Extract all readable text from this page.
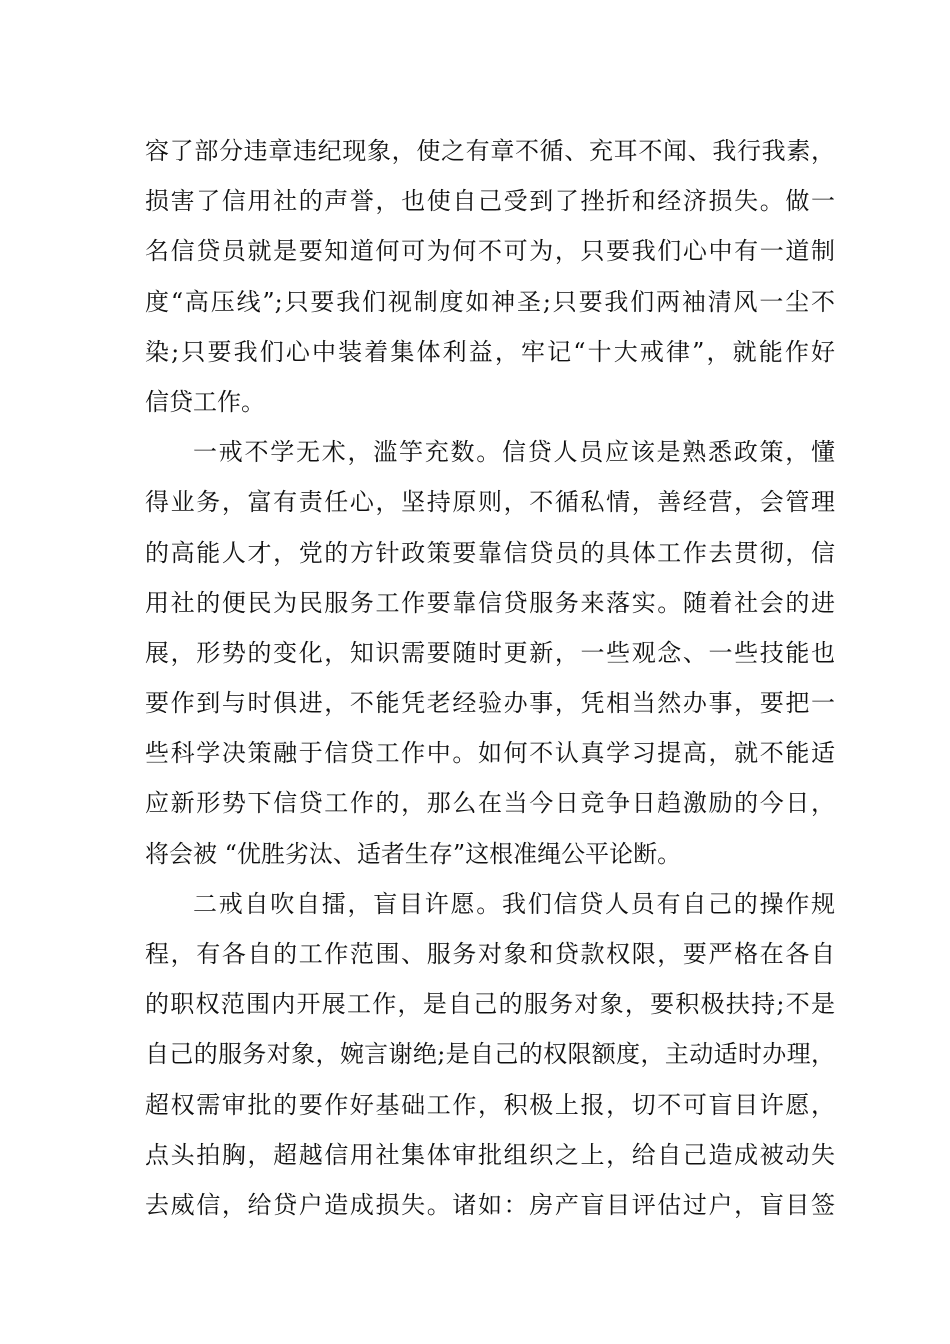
容了部分违章违纪现象，使之有章不循、充耳不闻、我行我素，
损害了信用社的声誉，也使自己受到了挫折和经济损失。做一
名信贷员就是要知道何可为何不可为，只要我们心中有一道制
度“高压线”;只要我们视制度如神圣;只要我们两袖清风一尘不
染;只要我们心中装着集体利益，牢记“十大戒律”，就能作好
信贷工作。
一戒不学无术，滥竽充数。信贷人员应该是熟悉政策，懂
得业务，富有责任心，坚持原则，不循私情，善经营，会管理
的高能人才，党的方针政策要靠信贷员的具体工作去贯彻，信
用社的便民为民服务工作要靠信贷服务来落实。随着社会的进
展，形势的变化，知识需要随时更新，一些观念、一些技能也
要作到与时俱进，不能凭老经验办事，凭相当然办事，要把一
些科学决策融于信贷工作中。如何不认真学习提高，就不能适
应新形势下信贷工作的，那么在当今日竞争日趋激励的今日，
将会被 “优胜劣汰、适者生存”这根准绳公平论断。
二戒自吹自擂，盲目许愿。我们信贷人员有自己的操作规
程，有各自的工作范围、服务对象和贷款权限，要严格在各自
的职权范围内开展工作，是自己的服务对象，要积极扶持;不是
自己的服务对象，婉言谢绝;是自己的权限额度，主动适时办理，
超权需审批的要作好基础工作，积极上报，切不可盲目许愿，
点头拍胸，超越信用社集体审批组织之上，给自己造成被动失
去威信，给贷户造成损失。诸如：房产盲目评估过户，盲目签
